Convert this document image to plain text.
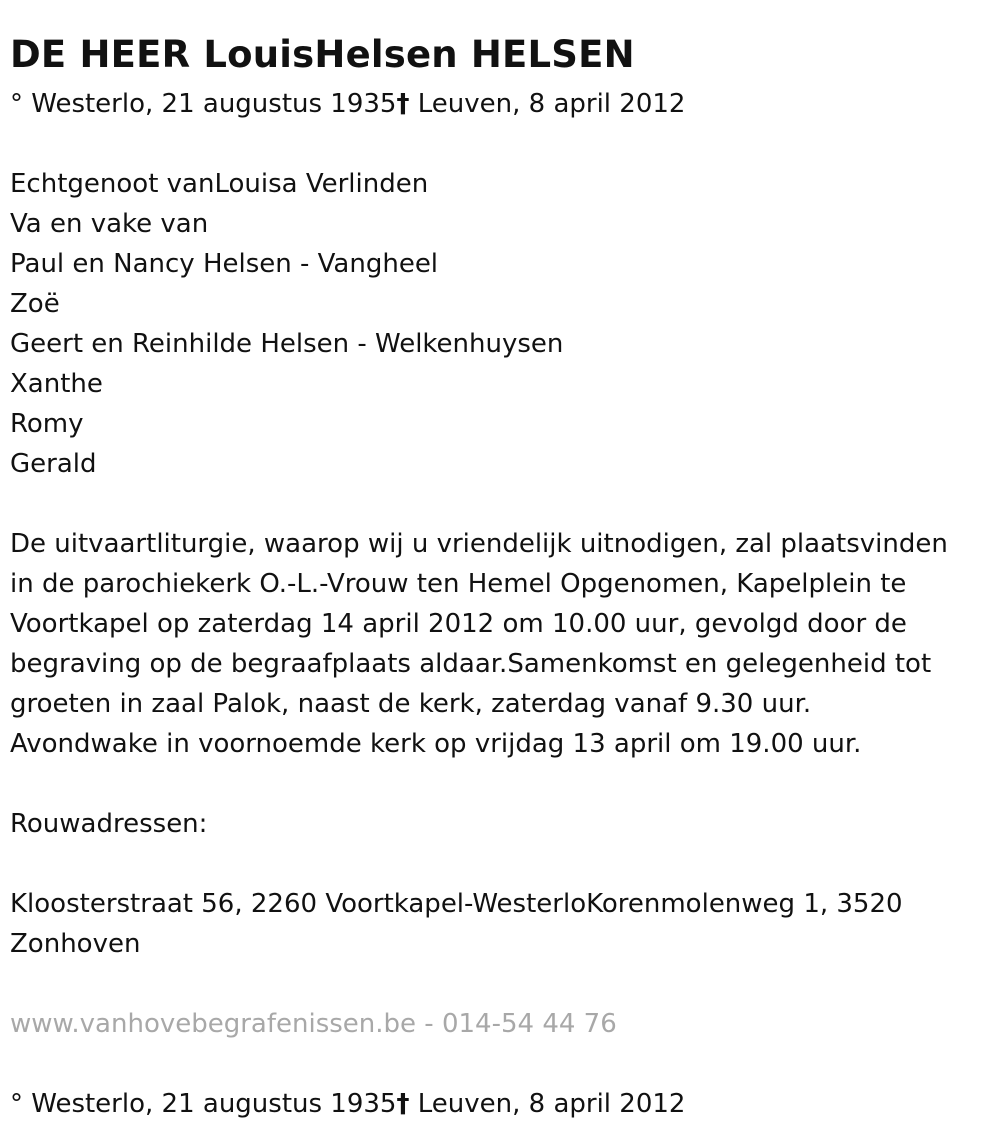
DE HEER LouisHelsen HELSEN

° Westerlo, 21 augustus 1935† Leuven, 8 april 2012

Echtgenoot vanLouisa Verlinden

Va en vake van

Paul en Nancy Helsen - Vangheel

Zoë

Geert en Reinhilde Helsen - Welkenhuysen

Xanthe

Romy

Gerald

De uitvaartliturgie, waarop wij u vriendelijk uitnodigen, zal plaatsvinden

in de parochiekerk O.-L.-Vrouw ten Hemel Opgenomen, Kapelplein te

Voortkapel op zaterdag 14 april 2012 om 10.00 uur, gevolgd door de

begraving op de begraafplaats aldaar.Samenkomst en gelegenheid tot

groeten in zaal Palok, naast de kerk, zaterdag vanaf 9.30 uur.

Avondwake in voornoemde kerk op vrijdag 13 april om 19.00 uur.

Rouwadressen:

Kloosterstraat 56, 2260 Voortkapel-WesterloKorenmolenweg 1, 3520

Zonhoven

www.vanhovebegrafenissen.be - 014-54 44 76

° Westerlo, 21 augustus 1935† Leuven, 8 april 2012
